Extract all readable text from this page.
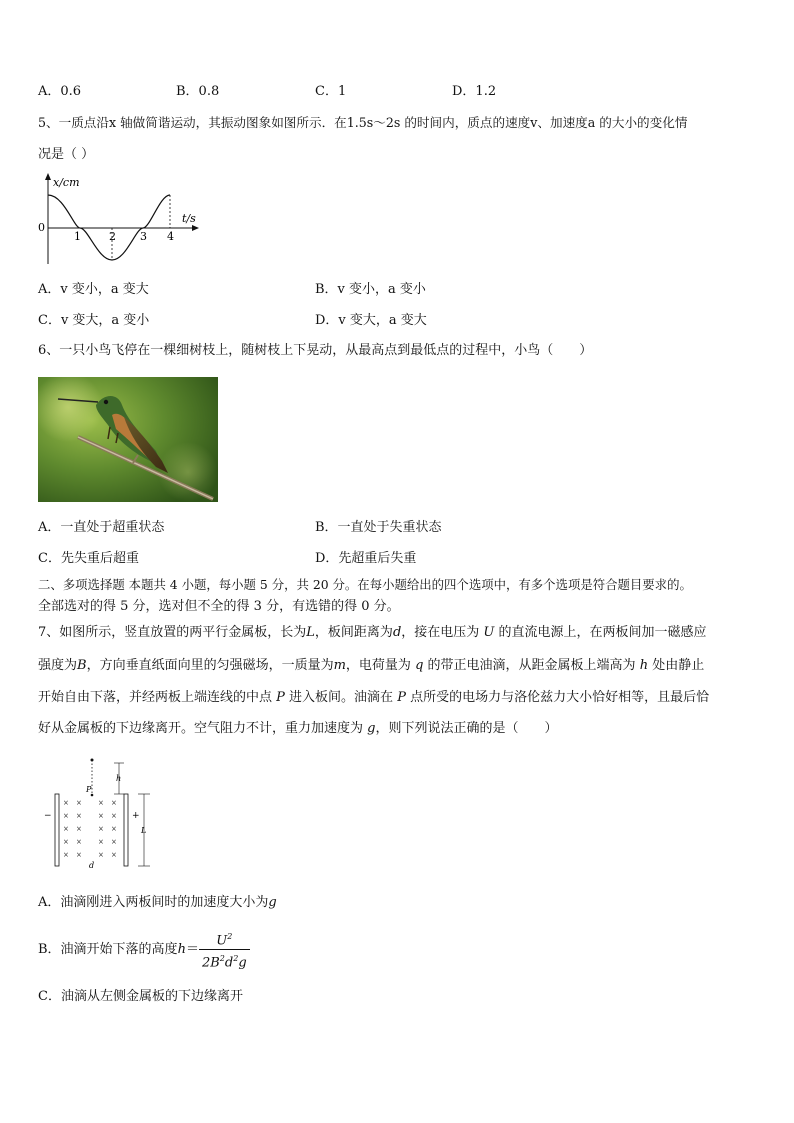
A．0.6	B．0.8	C．1	D．1.2
5、一质点沿x 轴做简谐运动，其振动图象如图所示．在1.5s～2s 的时间内，质点的速度v、加速度a 的大小的变化情
况是（ ）
x/cm
t/s
0
1	2 3 4
A．v 变小，a 变大	B．v 变小，a 变小
C．v 变大，a 变小	D．v 变大，a 变大
6、一只小鸟飞停在一棵细树枝上，随树枝上下晃动，从最高点到最低点的过程中，小鸟（　　）
A．一直处于超重状态	B．一直处于失重状态
C．先失重后超重	D．先超重后失重
二、多项选择题 本题共 4 小题，每小题 5 分，共 20 分。在每小题给出的四个选项中，有多个选项是符合题目要求的。
全部选对的得 5 分，选对但不全的得 3 分，有选错的得 0 分。
7、如图所示，竖直放置的两平行金属板，长为L，板间距离为d，接在电压为 U 的直流电源上，在两板间加一磁感应
强度为B，方向垂直纸面向里的匀强磁场，一质量为m，电荷量为 q 的带正电油滴，从距金属板上端高为 h 处由静止
开始自由下落，并经两板上端连线的中点 P 进入板间。油滴在 P 点所受的电场力与洛伦兹力大小恰好相等，且最后恰
好从金属板的下边缘离开。空气阻力不计，重力加速度为 g，则下列说法正确的是（　　）
h
−	+
P
L
d
× × × ×
× × × ×
× × × ×
× × × ×
× × × ×
A．油滴刚进入两板间时的加速度大小为g
B．油滴开始下落的高度$h= \frac{U^2}{2B^2d^2g}$
C．油滴从左侧金属板的下边缘离开
